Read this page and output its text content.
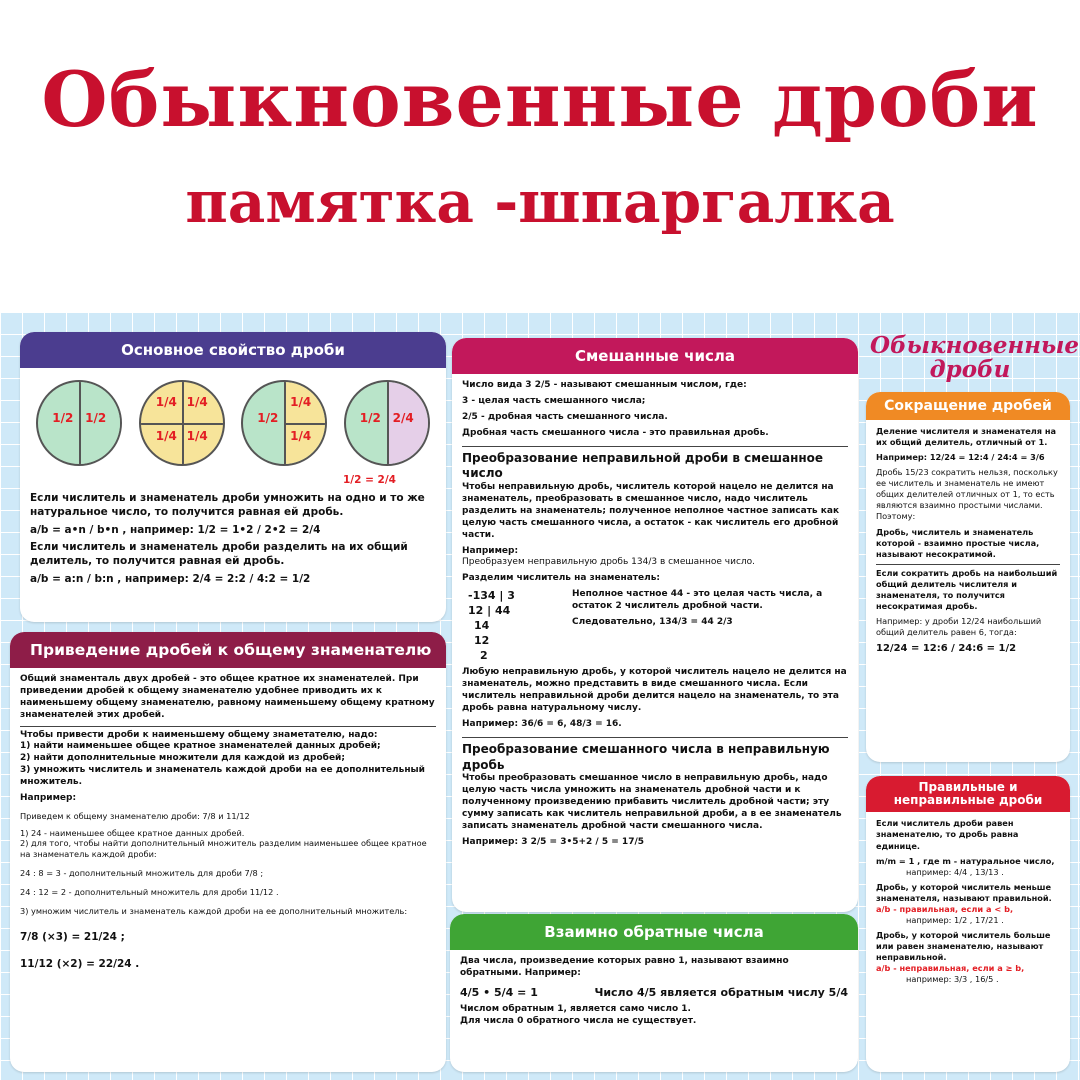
Обыкновенные дроби
памятка -шпаргалка
Основное свойство дроби
1/2 1/2
1/4 1/4
1/4 1/4
1/2
1/4
1/4
1/2 2/4
1/2 = 2/4
Если числитель и знаменатель дроби умножить на одно и то же натуральное число, то получится равная ей дробь.
a/b = a•n / b•n , например: 1/2 = 1•2 / 2•2 = 2/4
Если числитель и знаменатель дроби разделить на их общий делитель, то получится равная ей дробь.
a/b = a:n / b:n , например: 2/4 = 2:2 / 4:2 = 1/2
Приведение дробей к общему знаменателю
Общий знаменталь двух дробей - это общее кратное их знаменателей. При приведении дробей к общему знаменателю удобнее приводить их к наименьшему общему знаменателю, равному наименьшему общему кратному знаменателей этих дробей.
Чтобы привести дроби к наименьшему общему знаметателю, надо:
1) найти наименьшее общее кратное знаменателей данных дробей;
2) найти дополнительные множители для каждой из дробей;
3) умножить числитель и знаменатель каждой дроби на ее дополнительный множитель.
Например:
Приведем к общему знаменателю дроби: 7/8 и 11/12
1) 24 - наименьшее общее кратное данных дробей.
2) для того, чтобы найти дополнительный множитель разделим наименьшее общее кратное на знаменатель каждой дроби:
24 : 8 = 3 - дополнительный множитель для дроби 7/8 ;
24 : 12 = 2 - дополнительный множитель для дроби 11/12 .
3) умножим числитель и знаменатель каждой дроби на ее дополнительный множитель:
7/8 (×3) = 21/24 ;
11/12 (×2) = 22/24 .
Смешанные числа
Число вида 3 2/5 - называют смешанным числом, где:
3 - целая часть смешанного числа;
2/5 - дробная часть смешанного числа.
Дробная часть смешанного числа - это правильная дробь.
Преобразование неправильной дроби в смешанное число
Чтобы неправильную дробь, числитель которой нацело не делится на знаменатель, преобразовать в смешанное число, надо числитель разделить на знаменатель; полученное неполное частное записать как целую часть смешанного числа, а остаток - как числитель его дробной части.
Например:
Преобразуем неправильную дробь 134/3 в смешанное число.
Разделим числитель на знаменатель:
-134 | 3
12 | 44
14
12
2
Неполное частное 44 - это целая часть числа, а остаток 2 числитель дробной части.
Следовательно, 134/3 = 44 2/3
Любую неправильную дробь, у которой числитель нацело не делится на знаменатель, можно представить в виде смешанного числа. Если числитель неправильной дроби делится нацело на знаменатель, то эта дробь равна натуральному числу.
Например: 36/6 = 6, 48/3 = 16.
Преобразование смешанного числа в неправильную дробь
Чтобы преобразовать смешанное число в неправильную дробь, надо целую часть числа умножить на знаменатель дробной части и к полученному произведению прибавить числитель дробной части; эту сумму записать как числитель неправильной дроби, а в ее знаменатель записать знаменатель дробной части смешанного числа.
Например: 3 2/5 = 3•5+2 / 5 = 17/5
Взаимно обратные числа
Два числа, произведение которых равно 1, называют взаимно обратными. Например:
4/5 • 5/4 = 1	Число 4/5 является обратным числу 5/4
Числом обратным 1, является само число 1.
Для числа 0 обратного числа не существует.
Обыкновенные дроби
Сокращение дробей
Деление числителя и знаменателя на их общий делитель, отличный от 1.
Например: 12/24 = 12:4 / 24:4 = 3/6
Дробь 15/23 сократить нельзя, поскольку ее числитель и знаменатель не имеют общих делителей отличных от 1, то есть являются взаимно простыми числами. Поэтому:
Дробь, числитель и знаменатель которой - взаимно простые числа, называют несократимой.
Если сократить дробь на наибольший общий делитель числителя и знаменателя, то получится несократимая дробь.
Например: у дроби 12/24 наибольший общий делитель равен 6, тогда:
12/24 = 12:6 / 24:6 = 1/2
Правильные и неправильные дроби
Если числитель дроби равен знаменателю, то дробь равна единице.
m/m = 1 , где m - натуральное число,
например: 4/4 , 13/13 .
Дробь, у которой числитель меньше знаменателя, называют правильной.
a/b - правильная, если a < b,
например: 1/2 , 17/21 .
Дробь, у которой числитель больше или равен знаменателю, называют неправильной.
a/b - неправильная, если a ≥ b,
например: 3/3 , 16/5 .
